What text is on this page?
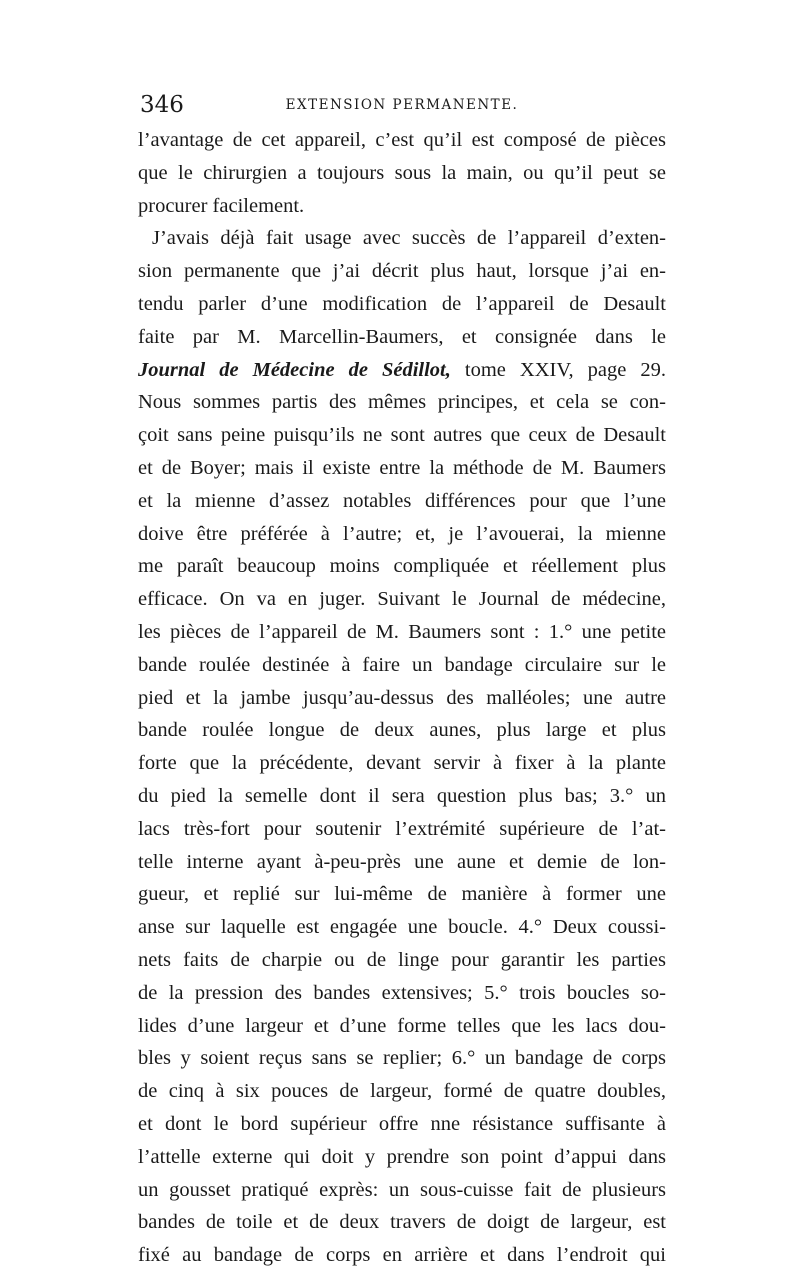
346	EXTENSION PERMANENTE.
l’avantage de cet appareil, c’est qu’il est composé de pièces
que le chirurgien a toujours sous la main, ou qu’il peut se
procurer facilement.
J’avais déjà fait usage avec succès de l’appareil d’exten-
sion permanente que j’ai décrit plus haut, lorsque j’ai en-
tendu parler d’une modification de l’appareil de Desault
faite par M. Marcellin-Baumers, et consignée dans le
Journal de Médecine de Sédillot, tome XXIV, page 29.
Nous sommes partis des mêmes principes, et cela se con-
çoit sans peine puisqu’ils ne sont autres que ceux de Desault
et de Boyer; mais il existe entre la méthode de M. Baumers
et la mienne d’assez notables différences pour que l’une
doive être préférée à l’autre; et, je l’avouerai, la mienne
me paraît beaucoup moins compliquée et réellement plus
efficace. On va en juger. Suivant le Journal de médecine,
les pièces de l’appareil de M. Baumers sont : 1.° une petite
bande roulée destinée à faire un bandage circulaire sur le
pied et la jambe jusqu’au-dessus des malléoles; une autre
bande roulée longue de deux aunes, plus large et plus
forte que la précédente, devant servir à fixer à la plante
du pied la semelle dont il sera question plus bas; 3.° un
lacs très-fort pour soutenir l’extrémité supérieure de l’at-
telle interne ayant à-peu-près une aune et demie de lon-
gueur, et replié sur lui-même de manière à former une
anse sur laquelle est engagée une boucle. 4.° Deux coussi-
nets faits de charpie ou de linge pour garantir les parties
de la pression des bandes extensives; 5.° trois boucles so-
lides d’une largeur et d’une forme telles que les lacs dou-
bles y soient reçus sans se replier; 6.° un bandage de corps
de cinq à six pouces de largeur, formé de quatre doubles,
et dont le bord supérieur offre nne résistance suffisante à
l’attelle externe qui doit y prendre son point d’appui dans
un gousset pratiqué exprès: un sous-cuisse fait de plusieurs
bandes de toile et de deux travers de doigt de largeur, est
fixé au bandage de corps en arrière et dans l’endroit qui
